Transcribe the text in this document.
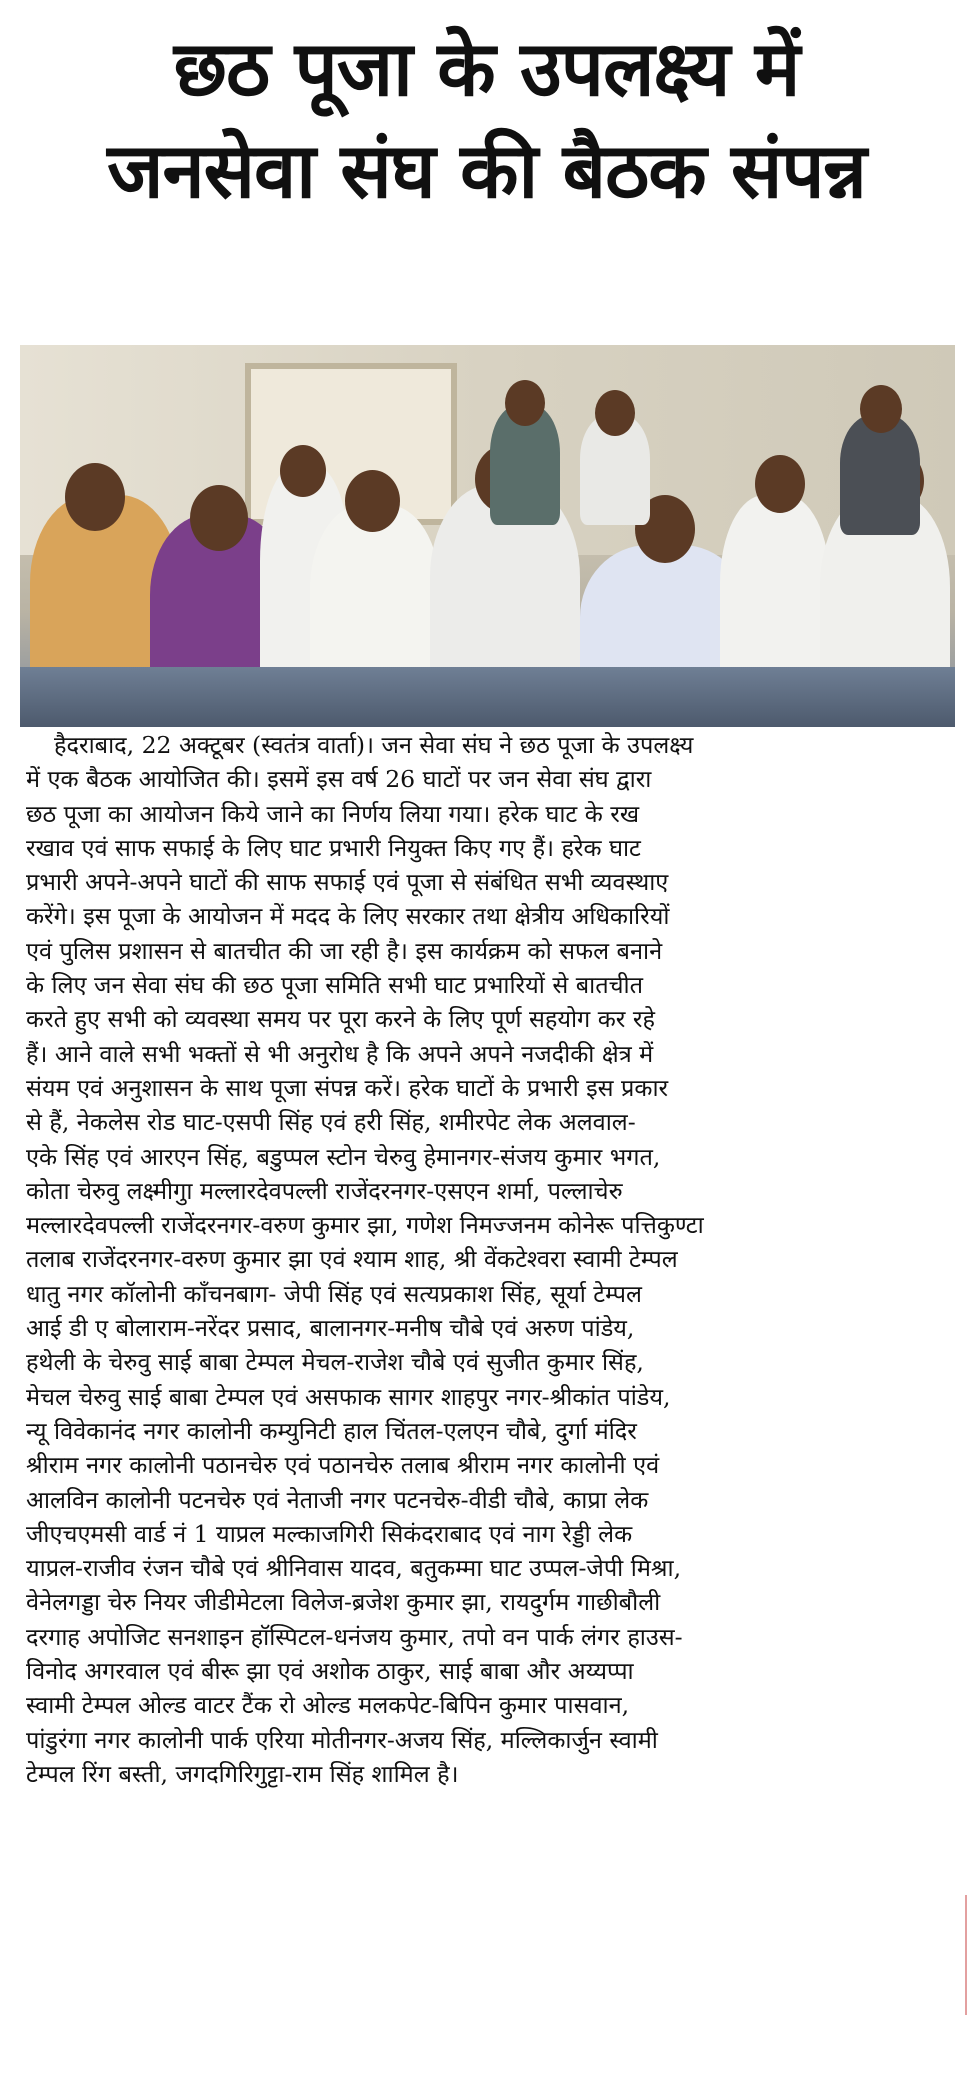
छठ पूजा के उपलक्ष्य में
जनसेवा संघ की बैठक संपन्न
हैदराबाद, 22 अक्टूबर (स्वतंत्र वार्ता)। जन सेवा संघ ने छठ पूजा के उपलक्ष्य
में एक बैठक आयोजित की। इसमें इस वर्ष 26 घाटों पर जन सेवा संघ द्वारा
छठ पूजा का आयोजन किये जाने का निर्णय लिया गया। हरेक घाट के रख
रखाव एवं साफ सफाई के लिए घाट प्रभारी नियुक्त किए गए हैं। हरेक घाट
प्रभारी अपने-अपने घाटों की साफ सफाई एवं पूजा से संबंधित सभी व्यवस्थाए
करेंगे। इस पूजा के आयोजन में मदद के लिए सरकार तथा क्षेत्रीय अधिकारियों
एवं पुलिस प्रशासन से बातचीत की जा रही है। इस कार्यक्रम को सफल बनाने
के लिए जन सेवा संघ की छठ पूजा समिति सभी घाट प्रभारियों से बातचीत
करते हुए सभी को व्यवस्था समय पर पूरा करने के लिए पूर्ण सहयोग कर रहे
हैं। आने वाले सभी भक्तों से भी अनुरोध है कि अपने अपने नजदीकी क्षेत्र में
संयम एवं अनुशासन के साथ पूजा संपन्न करें। हरेक घाटों के प्रभारी इस प्रकार
से हैं, नेकलेस रोड घाट-एसपी सिंह एवं हरी सिंह, शमीरपेट लेक अलवाल-
एके सिंह एवं आरएन सिंह, बडुप्पल स्टोन चेरुवु हेमानगर-संजय कुमार भगत,
कोता चेरुवु लक्ष्मीगुा मल्लारदेवपल्ली राजेंदरनगर-एसएन शर्मा, पल्लाचेरु
मल्लारदेवपल्ली राजेंदरनगर-वरुण कुमार झा, गणेश निमज्जनम कोनेरू पत्तिकुण्टा
तलाब राजेंदरनगर-वरुण कुमार झा एवं श्याम शाह, श्री वेंकटेश्वरा स्वामी टेम्पल
धातु नगर कॉलोनी काँचनबाग- जेपी सिंह एवं सत्यप्रकाश सिंह, सूर्या टेम्पल
आई डी ए बोलाराम-नरेंदर प्रसाद, बालानगर-मनीष चौबे एवं अरुण पांडेय,
हथेली के चेरुवु साई बाबा टेम्पल मेचल-राजेश चौबे एवं सुजीत कुमार सिंह,
मेचल चेरुवु साई बाबा टेम्पल एवं असफाक सागर शाहपुर नगर-श्रीकांत पांडेय,
न्यू विवेकानंद नगर कालोनी कम्युनिटी हाल चिंतल-एलएन चौबे, दुर्गा मंदिर
श्रीराम नगर कालोनी पठानचेरु एवं पठानचेरु तलाब श्रीराम नगर कालोनी एवं
आलविन कालोनी पटनचेरु एवं नेताजी नगर पटनचेरु-वीडी चौबे, काप्रा लेक
जीएचएमसी वार्ड नं 1 याप्रल मल्काजगिरी सिकंदराबाद एवं नाग रेड्डी लेक
याप्रल-राजीव रंजन चौबे एवं श्रीनिवास यादव, बतुकम्मा घाट उप्पल-जेपी मिश्रा,
वेनेलगड्डा चेरु नियर जीडीमेटला विलेज-ब्रजेश कुमार झा, रायदुर्गम गाछीबौली
दरगाह अपोजिट सनशाइन हॉस्पिटल-धनंजय कुमार, तपो वन पार्क लंगर हाउस-
विनोद अगरवाल एवं बीरू झा एवं अशोक ठाकुर, साई बाबा और अय्यप्पा
स्वामी टेम्पल ओल्ड वाटर टैंक रो ओल्ड मलकपेट-बिपिन कुमार पासवान,
पांडुरंगा नगर कालोनी पार्क एरिया मोतीनगर-अजय सिंह, मल्लिकार्जुन स्वामी
टेम्पल रिंग बस्ती, जगदगिरिगुट्टा-राम सिंह शामिल है।
